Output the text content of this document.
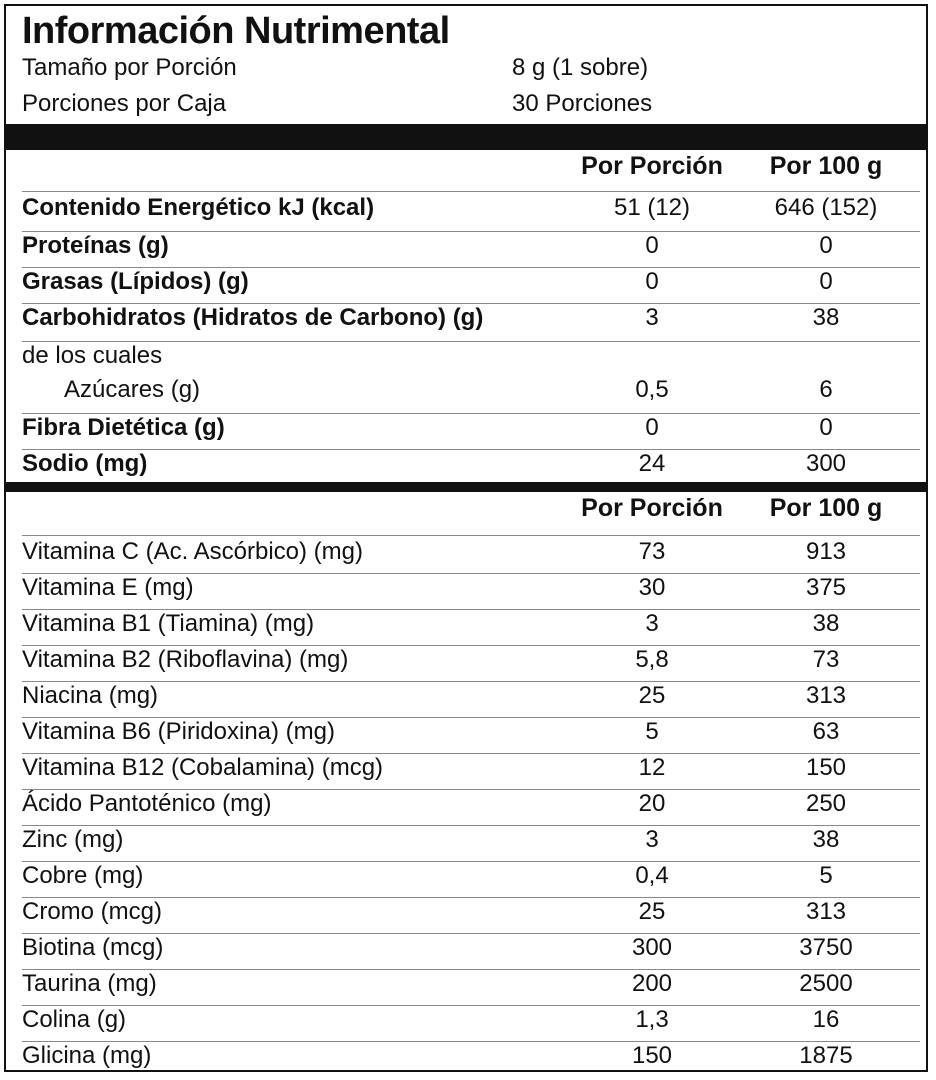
Información Nutrimental
Tamaño por Porción	8 g (1 sobre)
Porciones por Caja	30 Porciones
Por Porción	Por 100 g
Contenido Energético kJ (kcal)	51 (12)	646 (152)
Proteínas (g)	0	0
Grasas (Lípidos) (g)	0	0
Carbohidratos (Hidratos de Carbono) (g)	3	38
de los cuales
Azúcares (g)	0,5	6
Fibra Dietética (g)	0	0
Sodio (mg)	24	300
Por Porción	Por 100 g
Vitamina C (Ac. Ascórbico) (mg)	73	913
Vitamina E (mg)	30	375
Vitamina B1 (Tiamina) (mg)	3	38
Vitamina B2 (Riboflavina) (mg)	5,8	73
Niacina (mg)	25	313
Vitamina B6 (Piridoxina) (mg)	5	63
Vitamina B12 (Cobalamina) (mcg)	12	150
Ácido Pantoténico (mg)	20	250
Zinc (mg)	3	38
Cobre (mg)	0,4	5
Cromo (mcg)	25	313
Biotina (mcg)	300	3750
Taurina (mg)	200	2500
Colina (g)	1,3	16
Glicina (mg)	150	1875
